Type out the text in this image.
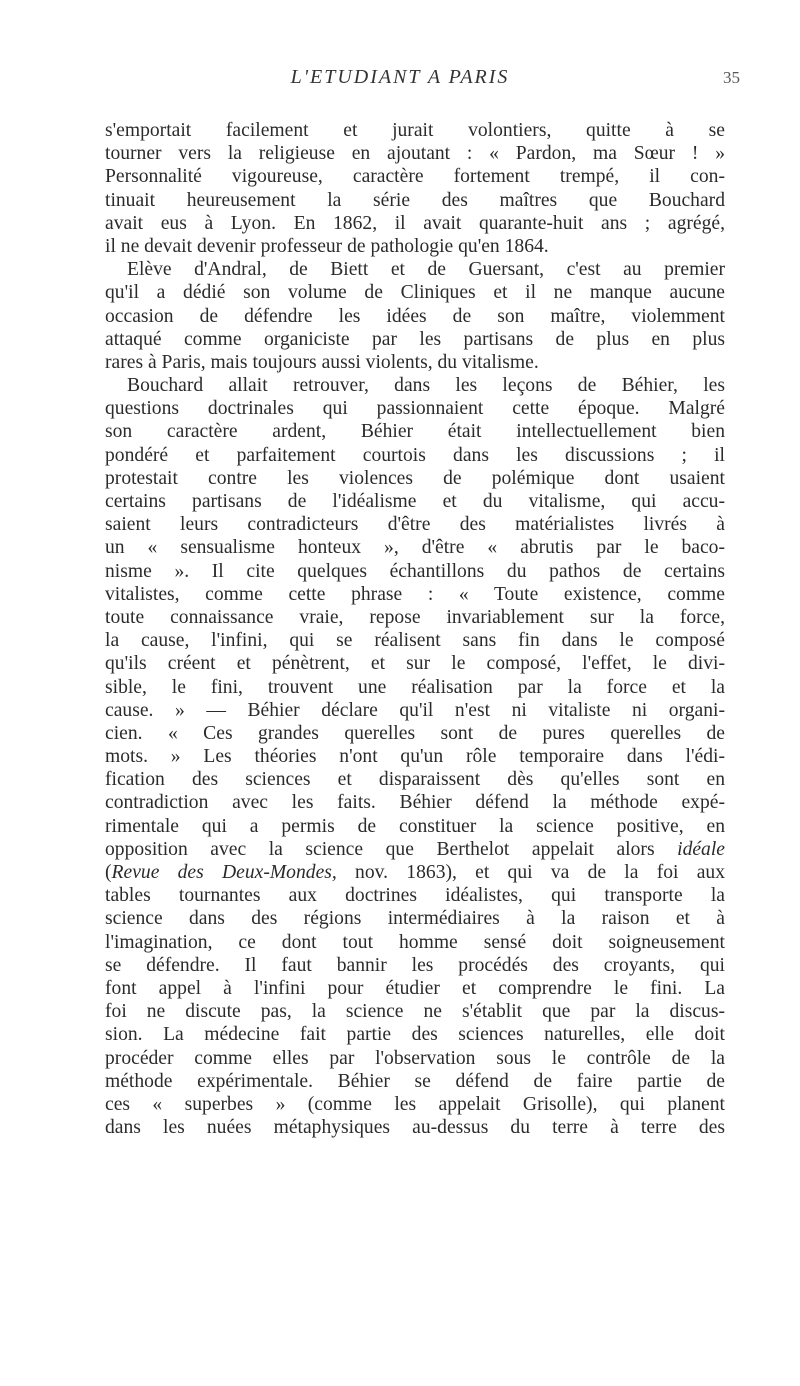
L'ETUDIANT A PARIS	35
s'emportait facilement et jurait volontiers, quitte à se
tourner vers la religieuse en ajoutant : « Pardon, ma Sœur ! »
Personnalité vigoureuse, caractère fortement trempé, il con-
tinuait heureusement la série des maîtres que Bouchard
avait eus à Lyon. En 1862, il avait quarante-huit ans ; agrégé,
il ne devait devenir professeur de pathologie qu'en 1864.
Elève d'Andral, de Biett et de Guersant, c'est au premier
qu'il a dédié son volume de Cliniques et il ne manque aucune
occasion de défendre les idées de son maître, violemment
attaqué comme organiciste par les partisans de plus en plus
rares à Paris, mais toujours aussi violents, du vitalisme.
Bouchard allait retrouver, dans les leçons de Béhier, les
questions doctrinales qui passionnaient cette époque. Malgré
son caractère ardent, Béhier était intellectuellement bien
pondéré et parfaitement courtois dans les discussions ; il
protestait contre les violences de polémique dont usaient
certains partisans de l'idéalisme et du vitalisme, qui accu-
saient leurs contradicteurs d'être des matérialistes livrés à
un « sensualisme honteux », d'être « abrutis par le baco-
nisme ». Il cite quelques échantillons du pathos de certains
vitalistes, comme cette phrase : « Toute existence, comme
toute connaissance vraie, repose invariablement sur la force,
la cause, l'infini, qui se réalisent sans fin dans le composé
qu'ils créent et pénètrent, et sur le composé, l'effet, le divi-
sible, le fini, trouvent une réalisation par la force et la
cause. » — Béhier déclare qu'il n'est ni vitaliste ni organi-
cien. « Ces grandes querelles sont de pures querelles de
mots. » Les théories n'ont qu'un rôle temporaire dans l'édi-
fication des sciences et disparaissent dès qu'elles sont en
contradiction avec les faits. Béhier défend la méthode expé-
rimentale qui a permis de constituer la science positive, en
opposition avec la science que Berthelot appelait alors idéale
(Revue des Deux-Mondes, nov. 1863), et qui va de la foi aux
tables tournantes aux doctrines idéalistes, qui transporte la
science dans des régions intermédiaires à la raison et à
l'imagination, ce dont tout homme sensé doit soigneusement
se défendre. Il faut bannir les procédés des croyants, qui
font appel à l'infini pour étudier et comprendre le fini. La
foi ne discute pas, la science ne s'établit que par la discus-
sion. La médecine fait partie des sciences naturelles, elle doit
procéder comme elles par l'observation sous le contrôle de la
méthode expérimentale. Béhier se défend de faire partie de
ces « superbes » (comme les appelait Grisolle), qui planent
dans les nuées métaphysiques au-dessus du terre à terre des
